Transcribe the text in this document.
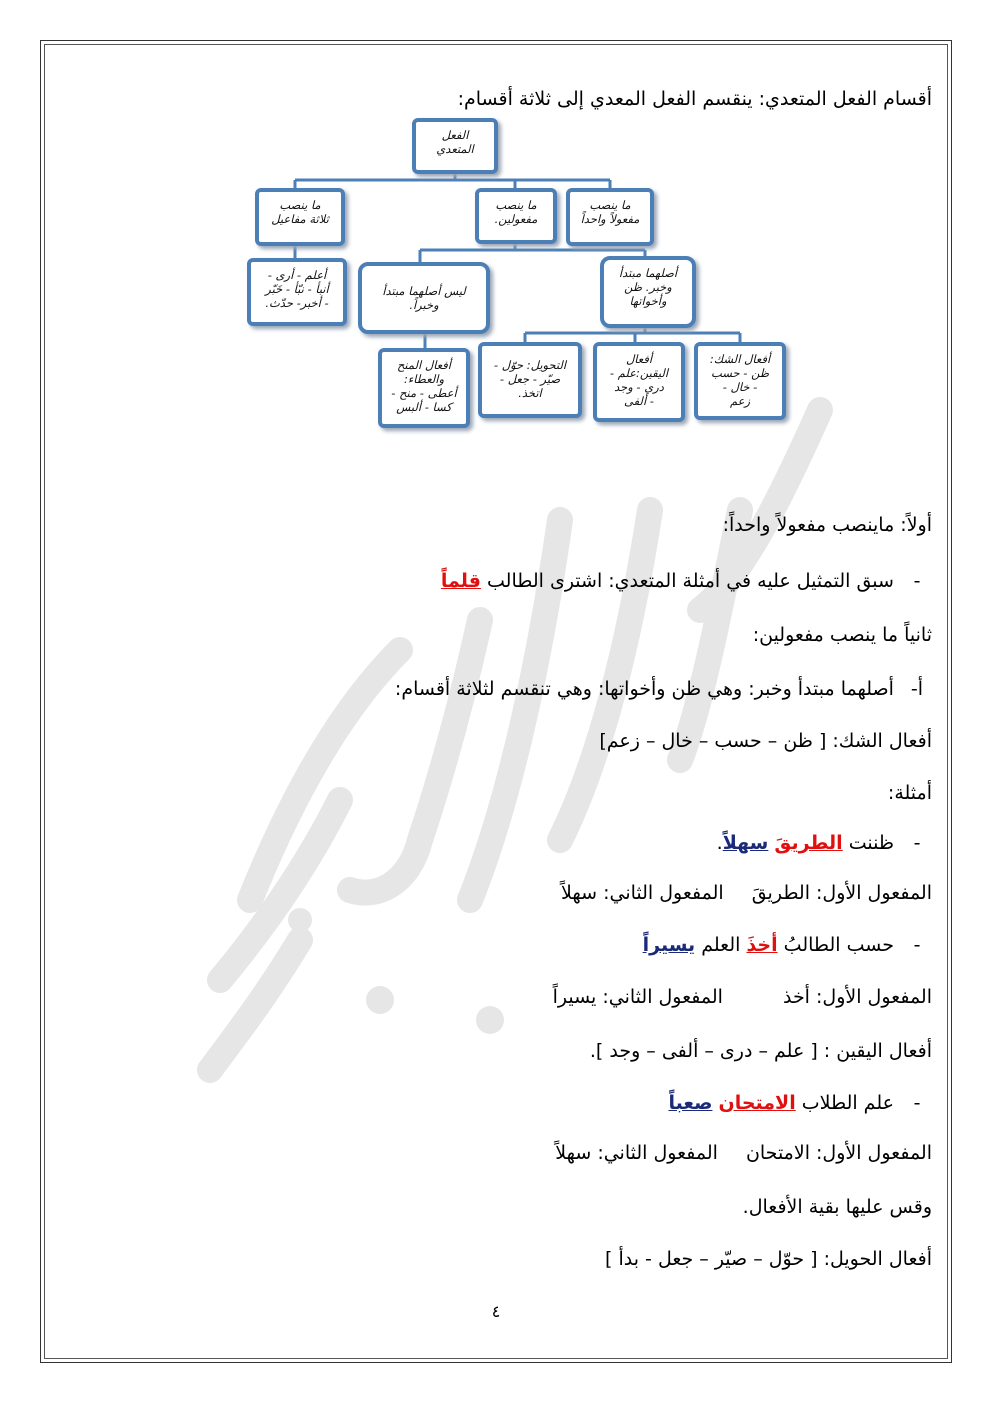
أقسام الفعل المتعدي: ينقسم الفعل المعدي إلى ثلاثة أقسام:
الفعل
المتعدي
ما ينصب
مفعولاً واحداً
ما ينصب
مفعولين.
ما ينصب
ثلاثة مفاعيل
أعلم - أرى -
أنبأ - نبّأ - خَبّر
- أخبر- حدّث.
أصلهما مبتدأ
وخبر. ظن
وأخواتها
ليس أصلهما مبتدأ
وخبراً.
أفعال الشك:
ظن - حسب
- خال -
زعم
أفعال
اليقين:علم -
دري - وجد
- ألفى
التحويل: حوّل -
صيّر - جعل -
اتخذ.
أفعال المنح
والعطاء:
أعطى - منح -
كسا - ألبس
أولاً: ماينصب مفعولاً واحداً:
- سبق التمثيل عليه في أمثلة المتعدي: اشترى الطالب قلماً
ثانياً ما ينصب مفعولين:
أ- أصلهما مبتدأ وخبر: وهي ظن وأخواتها: وهي تنقسم لثلاثة أقسام:
أفعال الشك: [ ظن – حسب – خال – زعم]
أمثلة:
- ظننت الطريقَ سهلاً.
المفعول الأول: الطريقَالمفعول الثاني: سهلاً
- حسب الطالبُ أخذَ العلم يسيراً
المفعول الأول: أخذالمفعول الثاني: يسيراً
أفعال اليقين : [ علم – درى – ألفى – وجد ].
- علم الطلاب الامتحان صعباً
المفعول الأول: الامتحانالمفعول الثاني: سهلاً
وقس عليها بقية الأفعال.
أفعال الحويل: [ حوّل – صيّر – جعل - بدأ ]
٤
